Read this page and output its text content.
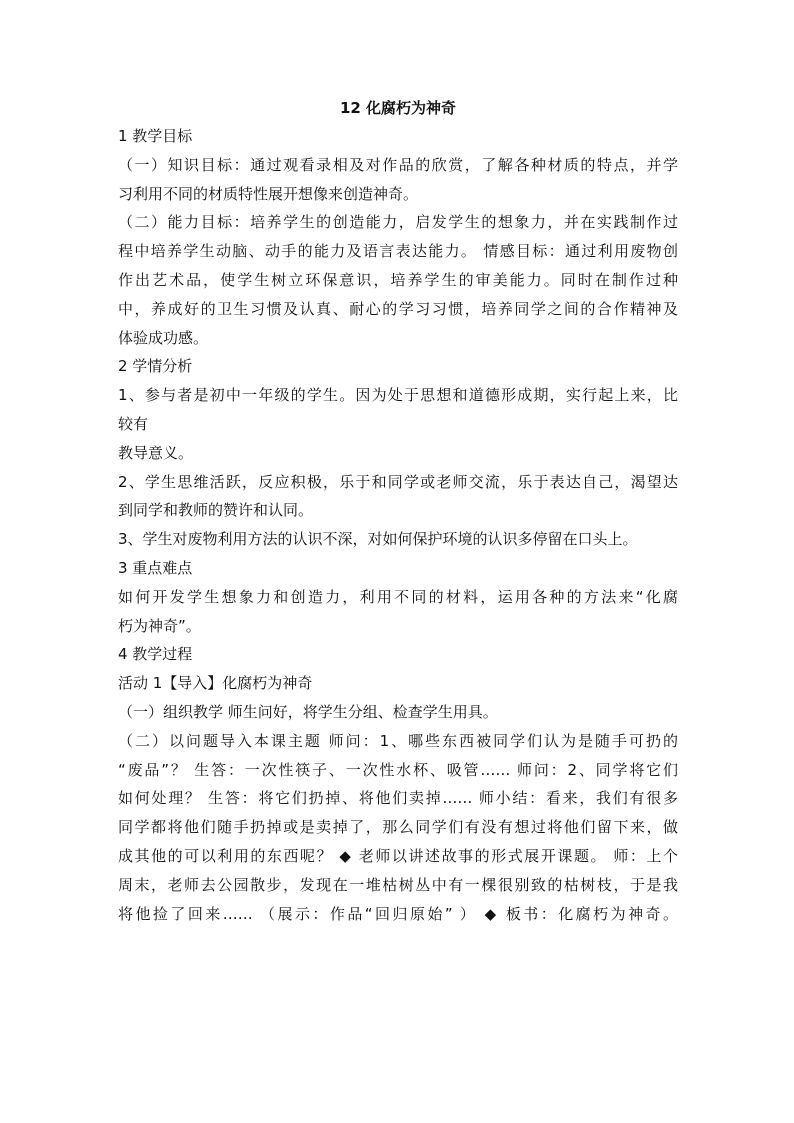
12 化腐朽为神奇

1 教学目标

（一）知识目标：通过观看录相及对作品的欣赏，了解各种材质的特点，并学

习利用不同的材质特性展开想像来创造神奇。

（二）能力目标：培养学生的创造能力，启发学生的想象力，并在实践制作过

程中培养学生动脑、动手的能力及语言表达能力。 情感目标：通过利用废物创

作出艺术品，使学生树立环保意识，培养学生的审美能力。同时在制作过种

中，养成好的卫生习惯及认真、耐心的学习习惯，培养同学之间的合作精神及

体验成功感。

2 学情分析

1、参与者是初中一年级的学生。因为处于思想和道德形成期，实行起上来，比

较有

教导意义。

2、学生思维活跃，反应积极，乐于和同学或老师交流，乐于表达自己，渴望达

到同学和教师的赞许和认同。

3、学生对废物利用方法的认识不深，对如何保护环境的认识多停留在口头上。

3 重点难点

如何开发学生想象力和创造力，利用不同的材料，运用各种的方法来“化腐

朽为神奇”。

4 教学过程

活动 1【导入】化腐朽为神奇

（一）组织教学 师生问好，将学生分组、检查学生用具。

（二）以问题导入本课主题 师问：1、哪些东西被同学们认为是随手可扔的

“废品”？ 生答：一次性筷子、一次性水杯、吸管…… 师问：2、同学将它们

如何处理？ 生答：将它们扔掉、将他们卖掉…… 师小结：看来，我们有很多

同学都将他们随手扔掉或是卖掉了，那么同学们有没有想过将他们留下来，做

成其他的可以利用的东西呢？ ◆ 老师以讲述故事的形式展开课题。 师：上个

周末，老师去公园散步，发现在一堆枯树丛中有一棵很别致的枯树枝，于是我

将他捡了回来…… （展示：作品“回归原始” ） ◆ 板书：化腐朽为神奇。
